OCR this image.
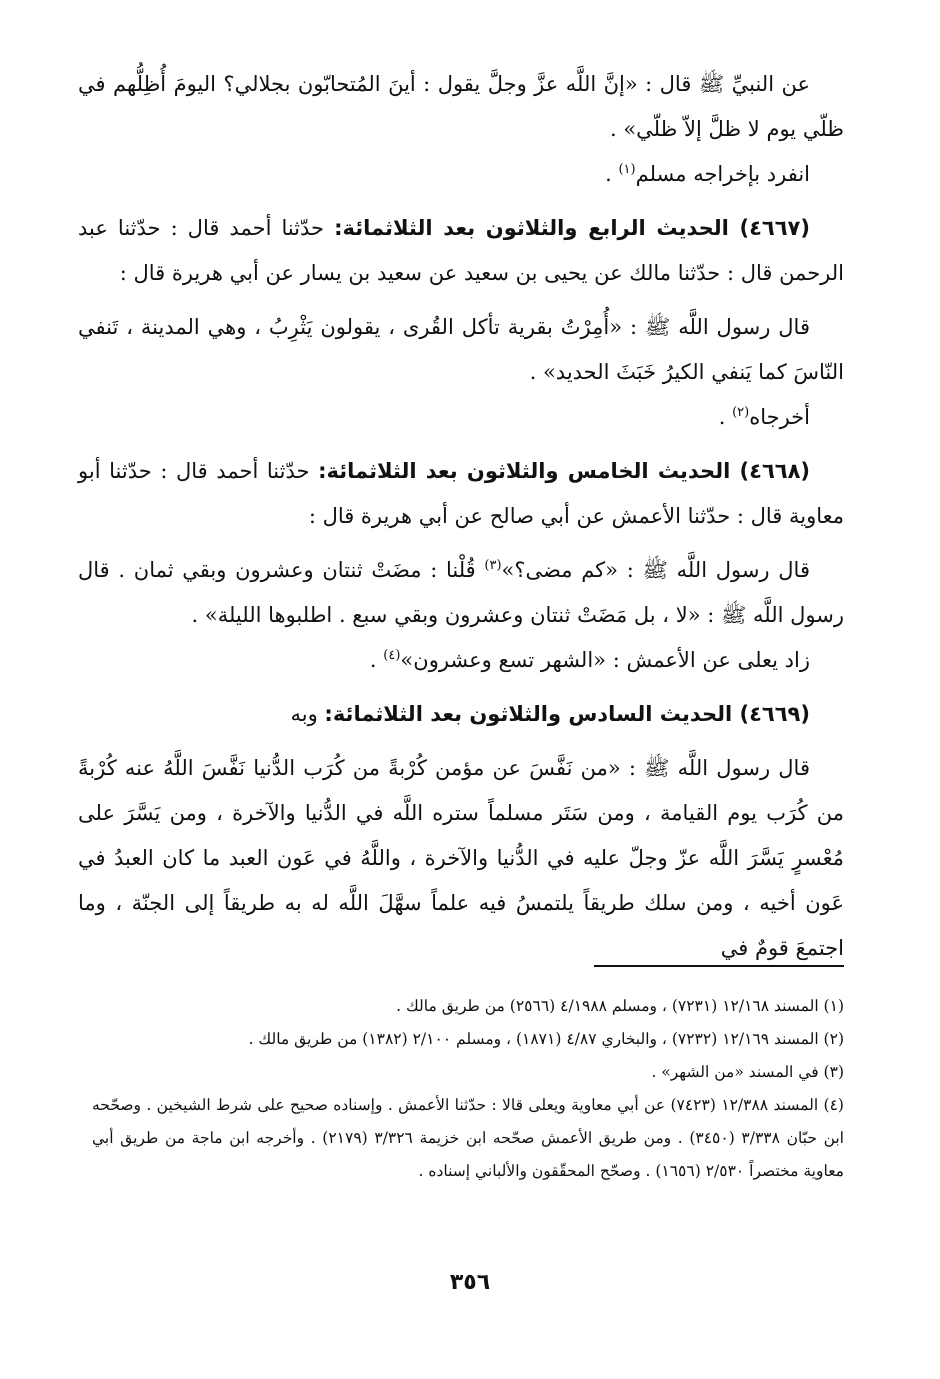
عن النبيِّ ﷺ قال : «إنَّ اللَّه عزَّ وجلَّ يقول : أينَ المُتحابّون بجلالي؟ اليومَ أُظِلُّهم في ظلّي يوم لا ظلَّ إلاّ ظلّي» .

انفرد بإخراجه مسلم$^{(١)}$ .

(٤٦٦٧) الحديث الرابع والثلاثون بعد الثلاثمائة: حدّثنا أحمد قال : حدّثنا عبد الرحمن قال : حدّثنا مالك عن يحيى بن سعيد عن سعيد بن يسار عن أبي هريرة قال :

قال رسول اللَّه ﷺ : «أُمِرْتُ بقرية تأكل القُرى ، يقولون يَثْرِبُ ، وهي المدينة ، تَنفي النّاسَ كما يَنفي الكيرُ خَبَثَ الحديد» .

أخرجاه$^{(٢)}$ .

(٤٦٦٨) الحديث الخامس والثلاثون بعد الثلاثمائة: حدّثنا أحمد قال : حدّثنا أبو معاوية قال : حدّثنا الأعمش عن أبي صالح عن أبي هريرة قال :

قال رسول اللَّه ﷺ : «كم مضى؟»$^{(٣)}$ قُلْنا : مضَتْ ثنتان وعشرون وبقي ثمان . قال رسول اللَّه ﷺ : «لا ، بل مَضَتْ ثنتان وعشرون وبقي سبع . اطلبوها الليلة» .

زاد يعلى عن الأعمش : «الشهر تسع وعشرون»$^{(٤)}$ .

(٤٦٦٩) الحديث السادس والثلاثون بعد الثلاثمائة: وبه

قال رسول اللَّه ﷺ : «من نَفَّسَ عن مؤمن كُرْبةً من كُرَب الدُّنيا نَفَّسَ اللَّهُ عنه كُرْبةً من كُرَب يوم القيامة ، ومن سَتَر مسلماً ستره اللَّه في الدُّنيا والآخرة ، ومن يَسَّرَ على مُعْسرٍ يَسَّرَ اللَّه عزّ وجلّ عليه في الدُّنيا والآخرة ، واللَّهُ في عَون العبد ما كان العبدُ في عَون أخيه ، ومن سلك طريقاً يلتمسُ فيه علماً سهَّلَ اللَّه له به طريقاً إلى الجنّة ، وما اجتمعَ قومٌ في

(١) المسند ١٢/١٦٨ (٧٢٣١) ، ومسلم ٤/١٩٨٨ (٢٥٦٦) من طريق مالك .

(٢) المسند ١٢/١٦٩ (٧٢٣٢) ، والبخاري ٤/٨٧ (١٨٧١) ، ومسلم ٢/١٠٠ (١٣٨٢) من طريق مالك .

(٣) في المسند «من الشهر» .

(٤) المسند ١٢/٣٨٨ (٧٤٢٣) عن أبي معاوية ويعلى قالا : حدّثنا الأعمش . وإسناده صحيح على شرط الشيخين . وصحّحه ابن حبّان ٣/٣٣٨ (٣٤٥٠) . ومن طريق الأعمش صحّحه ابن خزيمة ٣/٣٢٦ (٢١٧٩) . وأخرجه ابن ماجة من طريق أبي معاوية مختصراً ٢/٥٣٠ (١٦٥٦) . وصحّح المحقّقون والألباني إسناده .

٣٥٦
